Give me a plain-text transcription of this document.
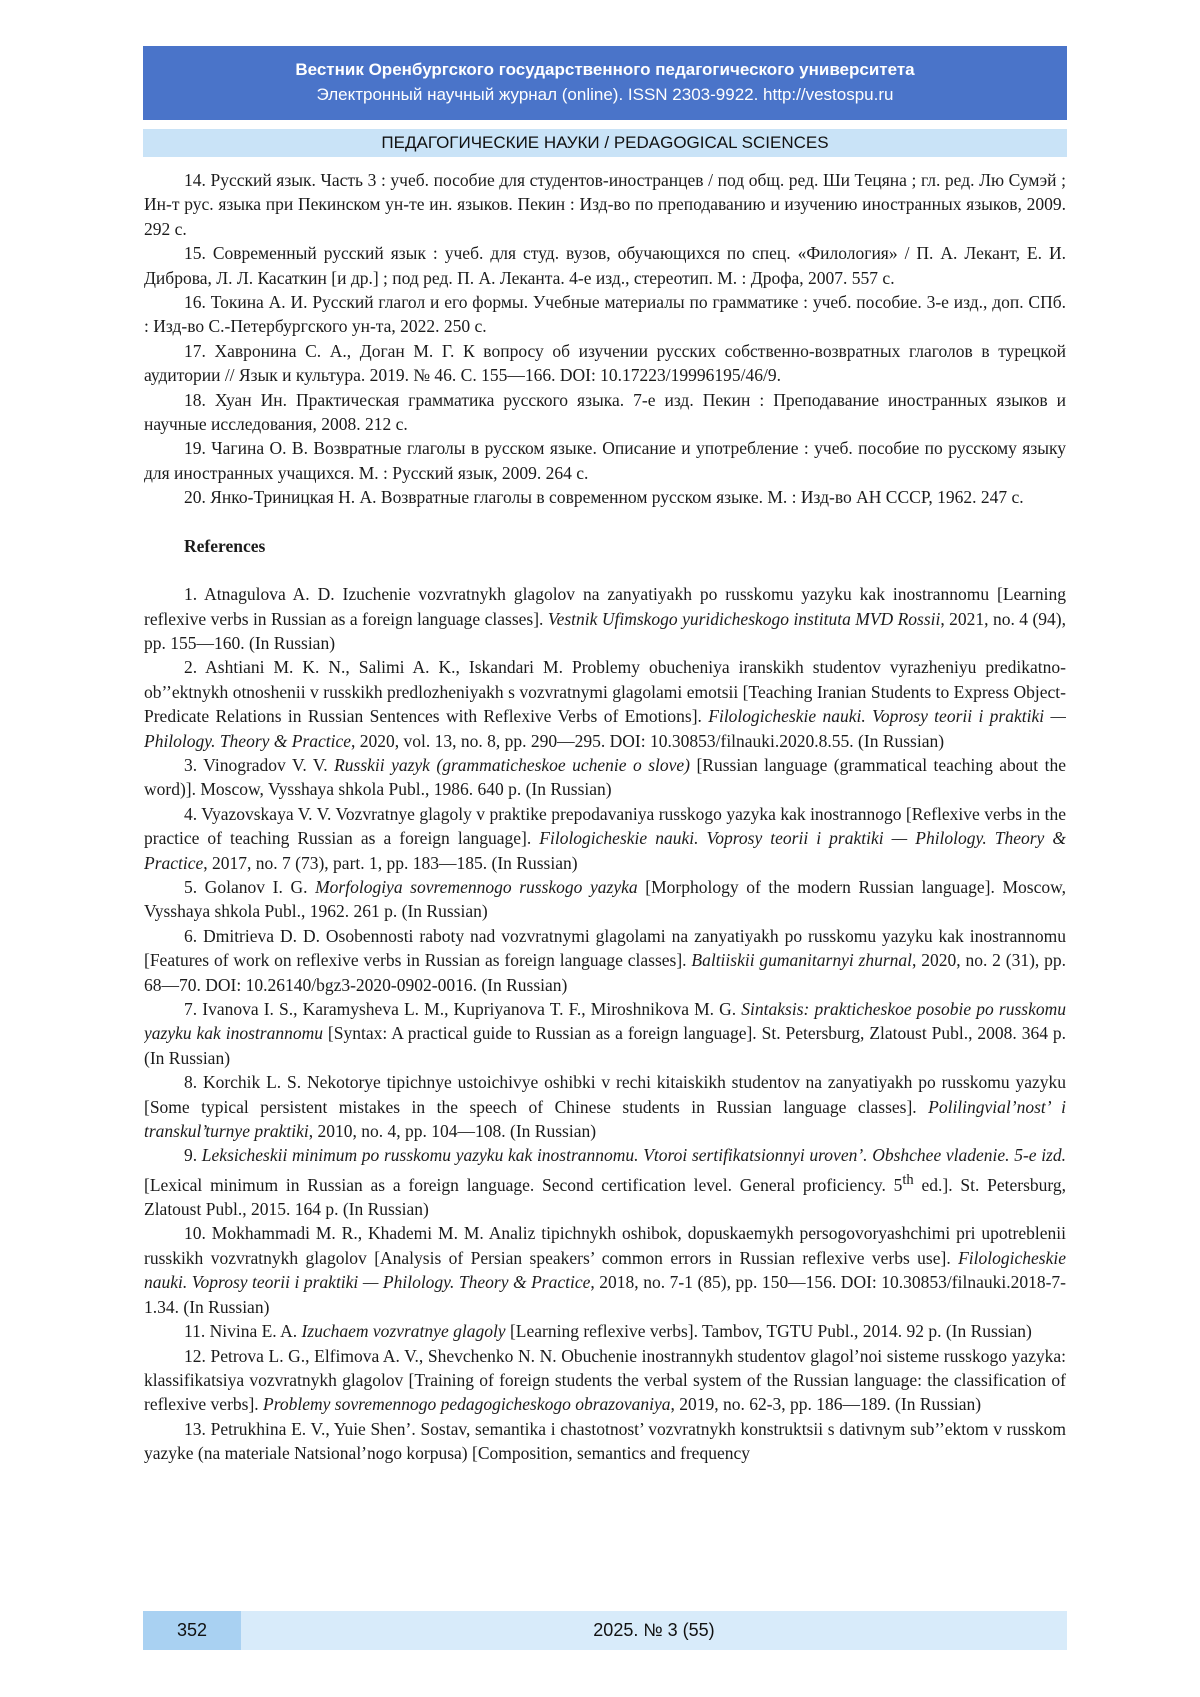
Вестник Оренбургского государственного педагогического университета
Электронный научный журнал (online). ISSN 2303-9922. http://vestospu.ru
ПЕДАГОГИЧЕСКИЕ НАУКИ / PEDAGOGICAL SCIENCES

14. Русский язык. Часть 3 : учеб. пособие для студентов-иностранцев / под общ. ред. Ши Тецяна ; гл. ред. Лю Сумэй ; Ин-т рус. языка при Пекинском ун-те ин. языков. Пекин : Изд-во по преподаванию и изучению иностранных языков, 2009. 292 с.

15. Современный русский язык : учеб. для студ. вузов, обучающихся по спец. «Филология» / П. А. Лекант, Е. И. Диброва, Л. Л. Касаткин [и др.] ; под ред. П. А. Леканта. 4-е изд., стереотип. М. : Дрофа, 2007. 557 с.

16. Токина А. И. Русский глагол и его формы. Учебные материалы по грамматике : учеб. пособие. 3-е изд., доп. СПб. : Изд-во С.-Петербургского ун-та, 2022. 250 с.

17. Хавронина С. А., Доган М. Г. К вопросу об изучении русских собственно-возвратных глаголов в турецкой аудитории // Язык и культура. 2019. № 46. С. 155—166. DOI: 10.17223/19996195/46/9.

18. Хуан Ин. Практическая грамматика русского языка. 7-е изд. Пекин : Преподавание иностранных языков и научные исследования, 2008. 212 с.

19. Чагина О. В. Возвратные глаголы в русском языке. Описание и употребление : учеб. пособие по русскому языку для иностранных учащихся. М. : Русский язык, 2009. 264 с.

20. Янко-Триницкая Н. А. Возвратные глаголы в современном русском языке. М. : Изд-во АН СССР, 1962. 247 с.

References

1. Atnagulova A. D. Izuchenie vozvratnykh glagolov na zanyatiyakh po russkomu yazyku kak inostrannomu [Learning reflexive verbs in Russian as a foreign language classes]. Vestnik Ufimskogo yuridicheskogo instituta MVD Rossii, 2021, no. 4 (94), pp. 155—160. (In Russian)

2. Ashtiani M. K. N., Salimi A. K., Iskandari M. Problemy obucheniya iranskikh studentov vyrazheniyu predikatno-ob’’ektnykh otnoshenii v russkikh predlozheniyakh s vozvratnymi glagolami emotsii [Teaching Iranian Students to Express Object-Predicate Relations in Russian Sentences with Reflexive Verbs of Emotions]. Filologicheskie nauki. Voprosy teorii i praktiki — Philology. Theory & Practice, 2020, vol. 13, no. 8, pp. 290—295. DOI: 10.30853/filnauki.2020.8.55. (In Russian)

3. Vinogradov V. V. Russkii yazyk (grammaticheskoe uchenie o slove) [Russian language (grammatical teaching about the word)]. Moscow, Vysshaya shkola Publ., 1986. 640 p. (In Russian)

4. Vyazovskaya V. V. Vozvratnye glagoly v praktike prepodavaniya russkogo yazyka kak inostrannogo [Reflexive verbs in the practice of teaching Russian as a foreign language]. Filologicheskie nauki. Voprosy teorii i praktiki — Philology. Theory & Practice, 2017, no. 7 (73), part. 1, pp. 183—185. (In Russian)

5. Golanov I. G. Morfologiya sovremennogo russkogo yazyka [Morphology of the modern Russian language]. Moscow, Vysshaya shkola Publ., 1962. 261 p. (In Russian)

6. Dmitrieva D. D. Osobennosti raboty nad vozvratnymi glagolami na zanyatiyakh po russkomu yazyku kak inostrannomu [Features of work on reflexive verbs in Russian as foreign language classes]. Baltiiskii gumanitarnyi zhurnal, 2020, no. 2 (31), pp. 68—70. DOI: 10.26140/bgz3-2020-0902-0016. (In Russian)

7. Ivanova I. S., Karamysheva L. M., Kupriyanova T. F., Miroshnikova M. G. Sintaksis: prakticheskoe posobie po russkomu yazyku kak inostrannomu [Syntax: A practical guide to Russian as a foreign language]. St. Petersburg, Zlatoust Publ., 2008. 364 p. (In Russian)

8. Korchik L. S. Nekotorye tipichnye ustoichivye oshibki v rechi kitaiskikh studentov na zanyatiyakh po russkomu yazyku [Some typical persistent mistakes in the speech of Chinese students in Russian language classes]. Polilingvial’nost’ i transkul’turnye praktiki, 2010, no. 4, pp. 104—108. (In Russian)

9. Leksicheskii minimum po russkomu yazyku kak inostrannomu. Vtoroi sertifikatsionnyi uroven’. Obshchee vladenie. 5-e izd. [Lexical minimum in Russian as a foreign language. Second certification level. General proficiency. 5th ed.]. St. Petersburg, Zlatoust Publ., 2015. 164 p. (In Russian)

10. Mokhammadi M. R., Khademi M. M. Analiz tipichnykh oshibok, dopuskaemykh persogovoryashchimi pri upotreblenii russkikh vozvratnykh glagolov [Analysis of Persian speakers’ common errors in Russian reflexive verbs use]. Filologicheskie nauki. Voprosy teorii i praktiki — Philology. Theory & Practice, 2018, no. 7-1 (85), pp. 150—156. DOI: 10.30853/filnauki.2018-7-1.34. (In Russian)

11. Nivina E. A. Izuchaem vozvratnye glagoly [Learning reflexive verbs]. Tambov, TGTU Publ., 2014. 92 p. (In Russian)

12. Petrova L. G., Elfimova A. V., Shevchenko N. N. Obuchenie inostrannykh studentov glagol’noi sisteme russkogo yazyka: klassifikatsiya vozvratnykh glagolov [Training of foreign students the verbal system of the Russian language: the classification of reflexive verbs]. Problemy sovremennogo pedagogicheskogo obrazovaniya, 2019, no. 62-3, pp. 186—189. (In Russian)

13. Petrukhina E. V., Yuie Shen’. Sostav, semantika i chastotnost’ vozvratnykh konstruktsii s dativnym sub’’ektom v russkom yazyke (na materiale Natsional’nogo korpusa) [Composition, semantics and frequency

352	2025. № 3 (55)
